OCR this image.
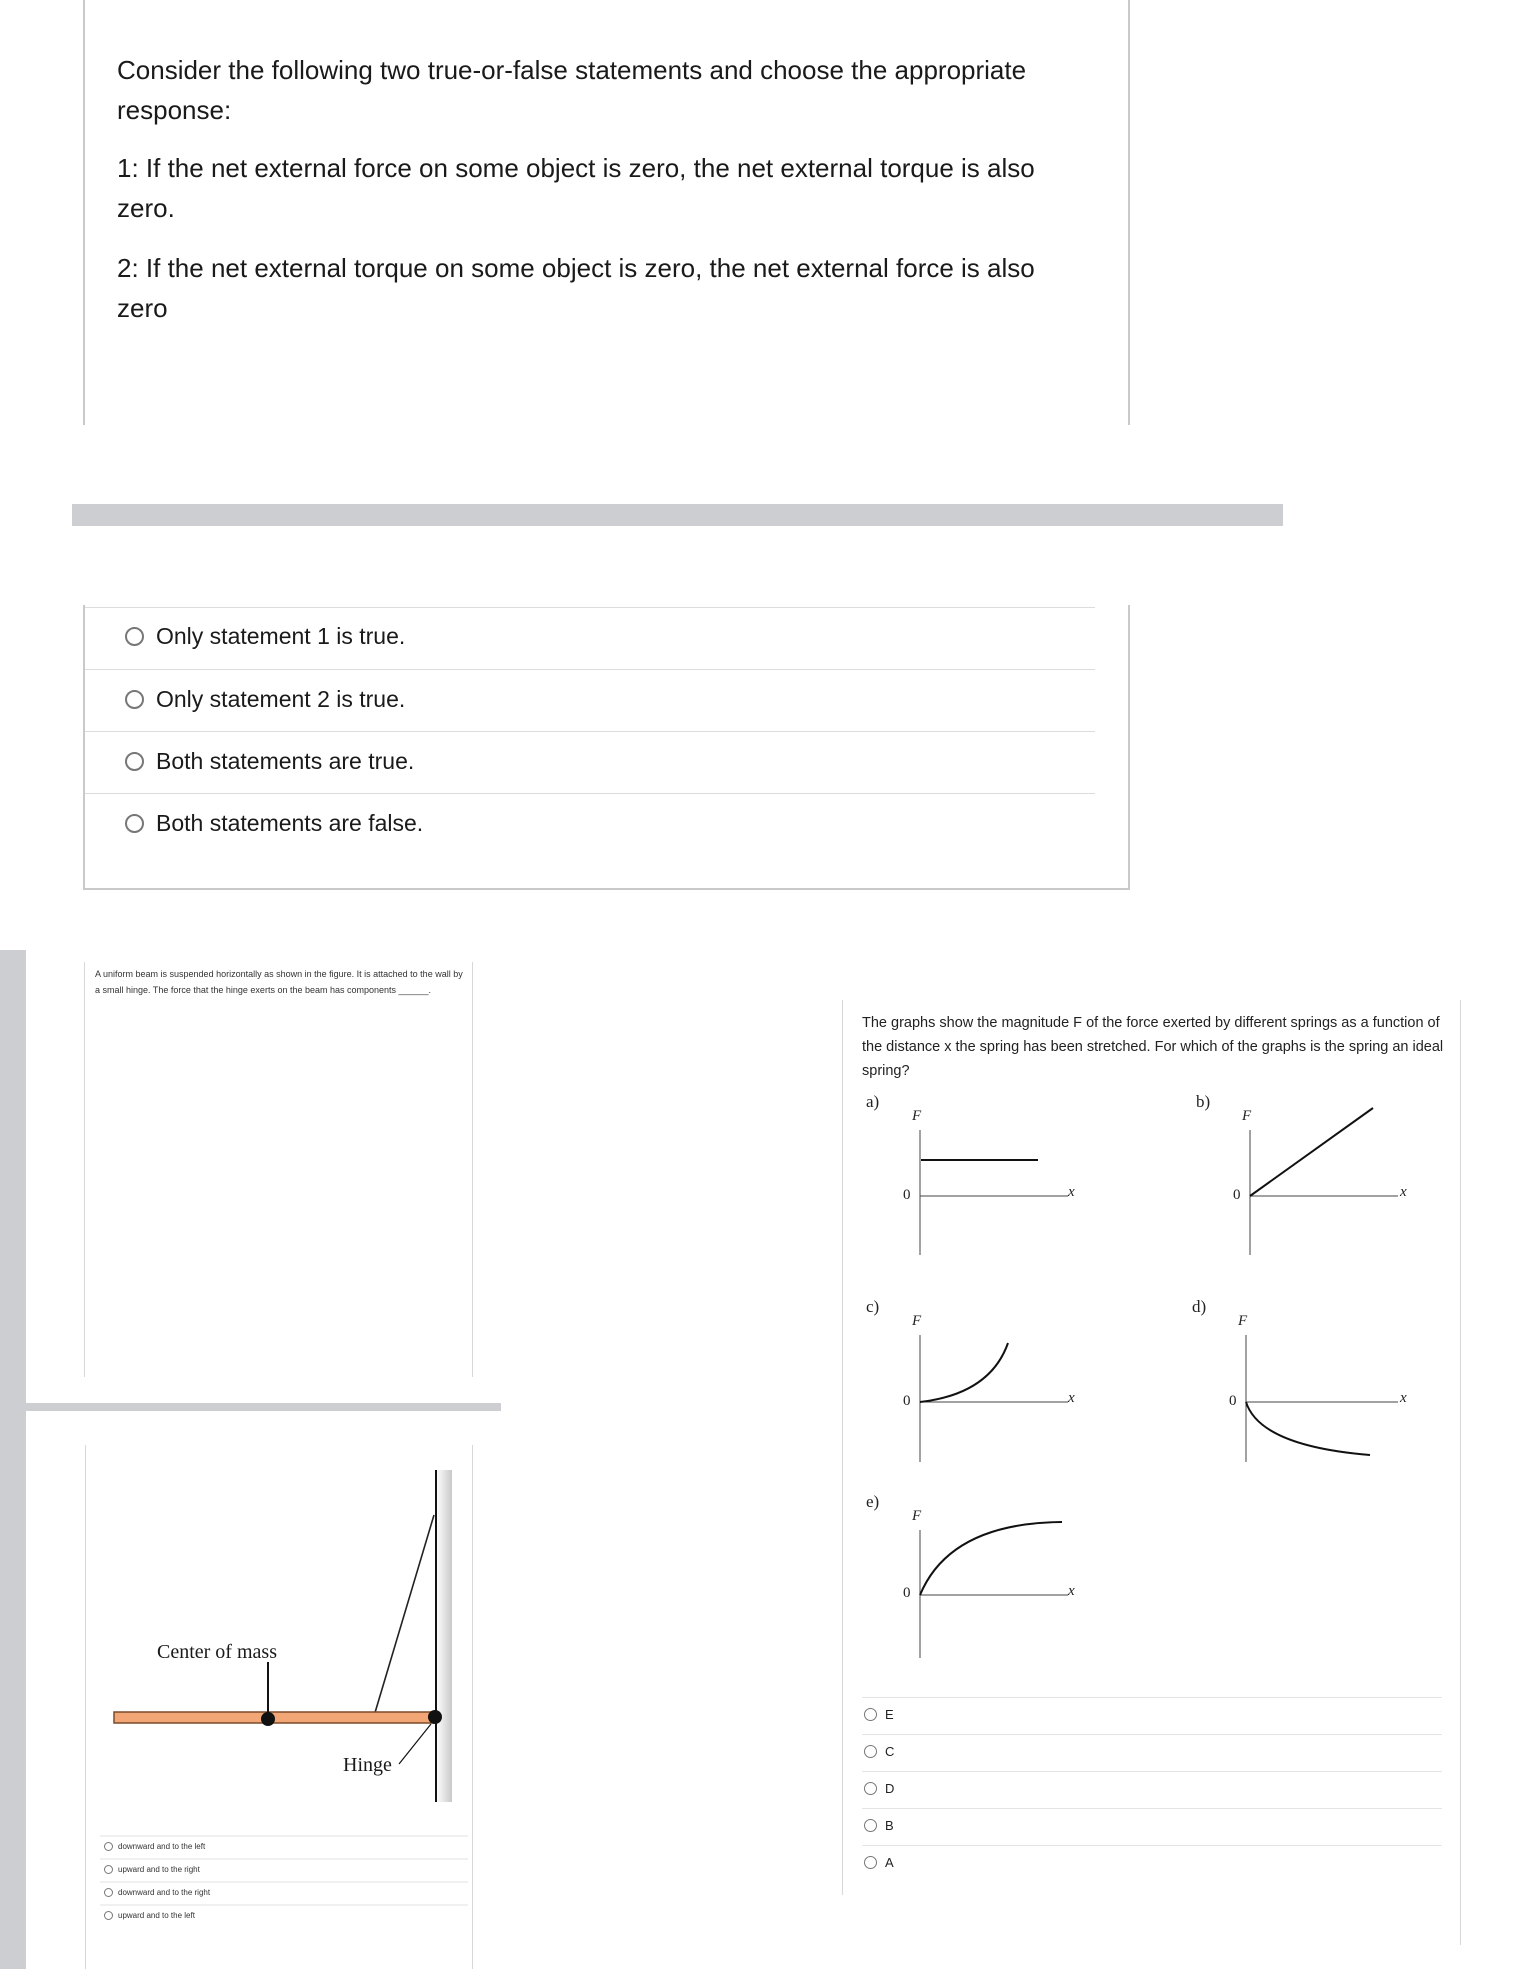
Consider the following two true-or-false statements and choose the appropriate response:
1: If the net external force on some object is zero, the net external torque is also zero.
2: If the net external torque on some object is zero, the net external force is also zero
Only statement 1 is true.
Only statement 2 is true.
Both statements are true.
Both statements are false.
A uniform beam is suspended horizontally as shown in the figure. It is attached to the wall by a small hinge. The force that the hinge exerts on the beam has components ______.
Center of mass
Hinge
downward and to the left
upward and to the right
downward and to the right
upward and to the left
The graphs show the magnitude F of the force exerted by different springs as a function of the distance x the spring has been stretched. For which of the graphs is the spring an ideal spring?
a)
F
0	x
b)
F
0	x
c)
F
0	x
d)
F
0	x
e)
F
0	x
E
C
D
B
A
